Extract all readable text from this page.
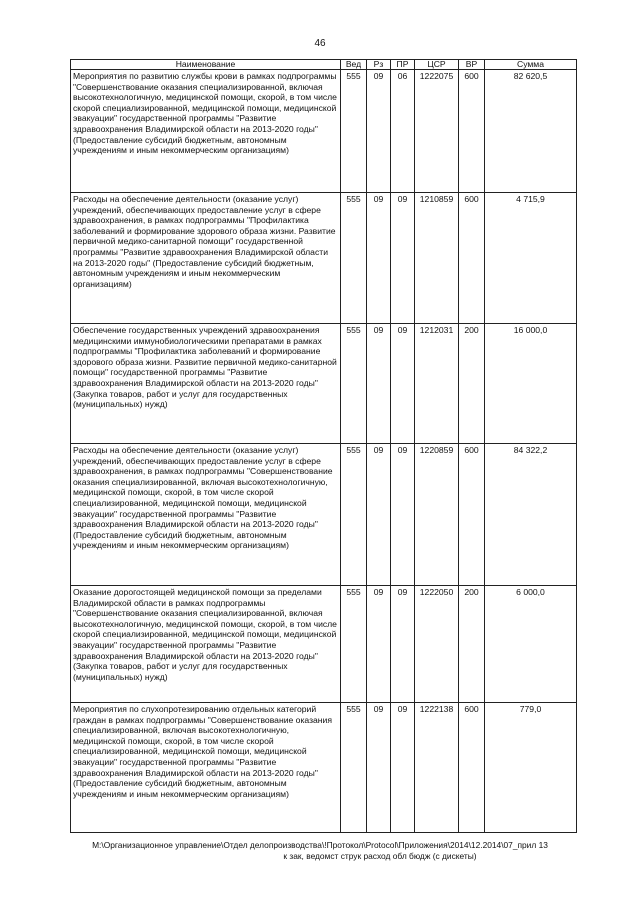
46
Наименование	Вед	Рз	ПР	ЦСР	ВР	Сумма
Мероприятия по развитию службы крови в рамках подпрограммы "Совершенствование оказания специализированной, включая высокотехнологичную, медицинской помощи, скорой, в том числе скорой специализированной, медицинской помощи, медицинской эвакуации" государственной программы "Развитие здравоохранения Владимирской области на 2013-2020 годы" (Предоставление субсидий бюджетным, автономным учреждениям и иным некоммерческим организациям)	555	09	06	1222075	600	82 620,5
Расходы на обеспечение деятельности (оказание услуг) учреждений, обеспечивающих предоставление услуг в сфере здравоохранения, в рамках подпрограммы "Профилактика заболеваний и формирование здорового образа жизни. Развитие первичной медико-санитарной помощи" государственной программы "Развитие здравоохранения Владимирской области на 2013-2020 годы" (Предоставление субсидий бюджетным, автономным учреждениям и иным некоммерческим организациям)	555	09	09	1210859	600	4 715,9
Обеспечение государственных учреждений здравоохранения медицинскими иммунобиологическими препаратами в рамках подпрограммы "Профилактика заболеваний и формирование здорового образа жизни. Развитие первичной медико-санитарной помощи" государственной программы "Развитие здравоохранения Владимирской области на 2013-2020 годы" (Закупка товаров, работ и услуг для государственных (муниципальных) нужд)	555	09	09	1212031	200	16 000,0
Расходы на обеспечение деятельности (оказание услуг) учреждений, обеспечивающих предоставление услуг в сфере здравоохранения, в рамках подпрограммы "Совершенствование оказания специализированной, включая высокотехнологичную, медицинской помощи, скорой, в том числе скорой специализированной, медицинской помощи, медицинской эвакуации" государственной программы "Развитие здравоохранения Владимирской области на 2013-2020 годы" (Предоставление субсидий бюджетным, автономным учреждениям и иным некоммерческим организациям)	555	09	09	1220859	600	84 322,2
Оказание дорогостоящей медицинской помощи за пределами Владимирской области в рамках подпрограммы "Совершенствование оказания специализированной, включая высокотехнологичную, медицинской помощи, скорой, в том числе скорой специализированной, медицинской помощи, медицинской эвакуации" государственной программы "Развитие здравоохранения Владимирской области на 2013-2020 годы" (Закупка товаров, работ и услуг для государственных (муниципальных) нужд)	555	09	09	1222050	200	6 000,0
Мероприятия по слухопротезированию отдельных категорий граждан в рамках подпрограммы "Совершенствование оказания специализированной, включая высокотехнологичную, медицинской помощи, скорой, в том числе скорой специализированной, медицинской помощи, медицинской эвакуации" государственной программы "Развитие здравоохранения Владимирской области на 2013-2020 годы" (Предоставление субсидий бюджетным, автономным учреждениям и иным некоммерческим организациям)	555	09	09	1222138	600	779,0
М:\Организационное управление\Отдел делопроизводства\!Протокол\Protocol\Приложения\2014\12.2014\07_прил 13
к зак, ведомст струк расход обл бюдж (с дискеты)
